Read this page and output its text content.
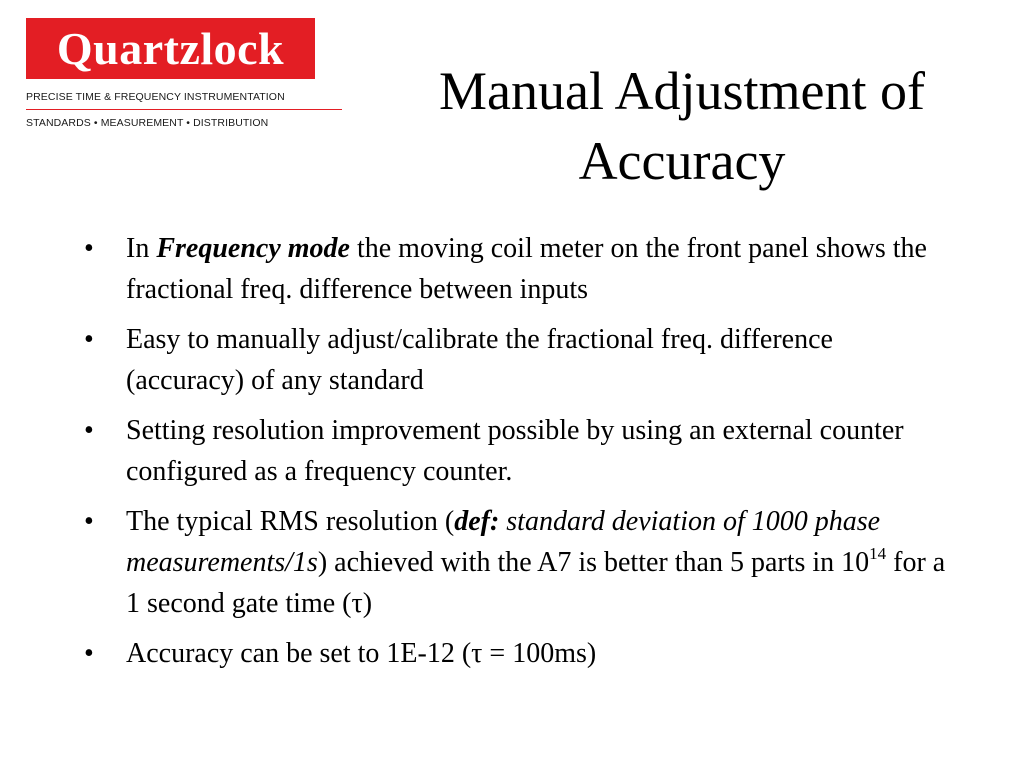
Quartzlock
PRECISE TIME & FREQUENCY INSTRUMENTATION
STANDARDS • MEASUREMENT • DISTRIBUTION
Manual Adjustment of
Accuracy
• In Frequency mode the moving coil meter on the front panel shows the fractional freq. difference between inputs
• Easy to manually adjust/calibrate the fractional freq. difference (accuracy) of any standard
• Setting resolution improvement possible by using an external counter configured as a frequency counter.
• The typical RMS resolution (def: standard deviation of 1000 phase measurements/1s) achieved with the A7 is better than 5 parts in $10^{14}$ for a 1 second gate time (τ)
• Accuracy can be set to 1E-12 (τ = 100ms)
